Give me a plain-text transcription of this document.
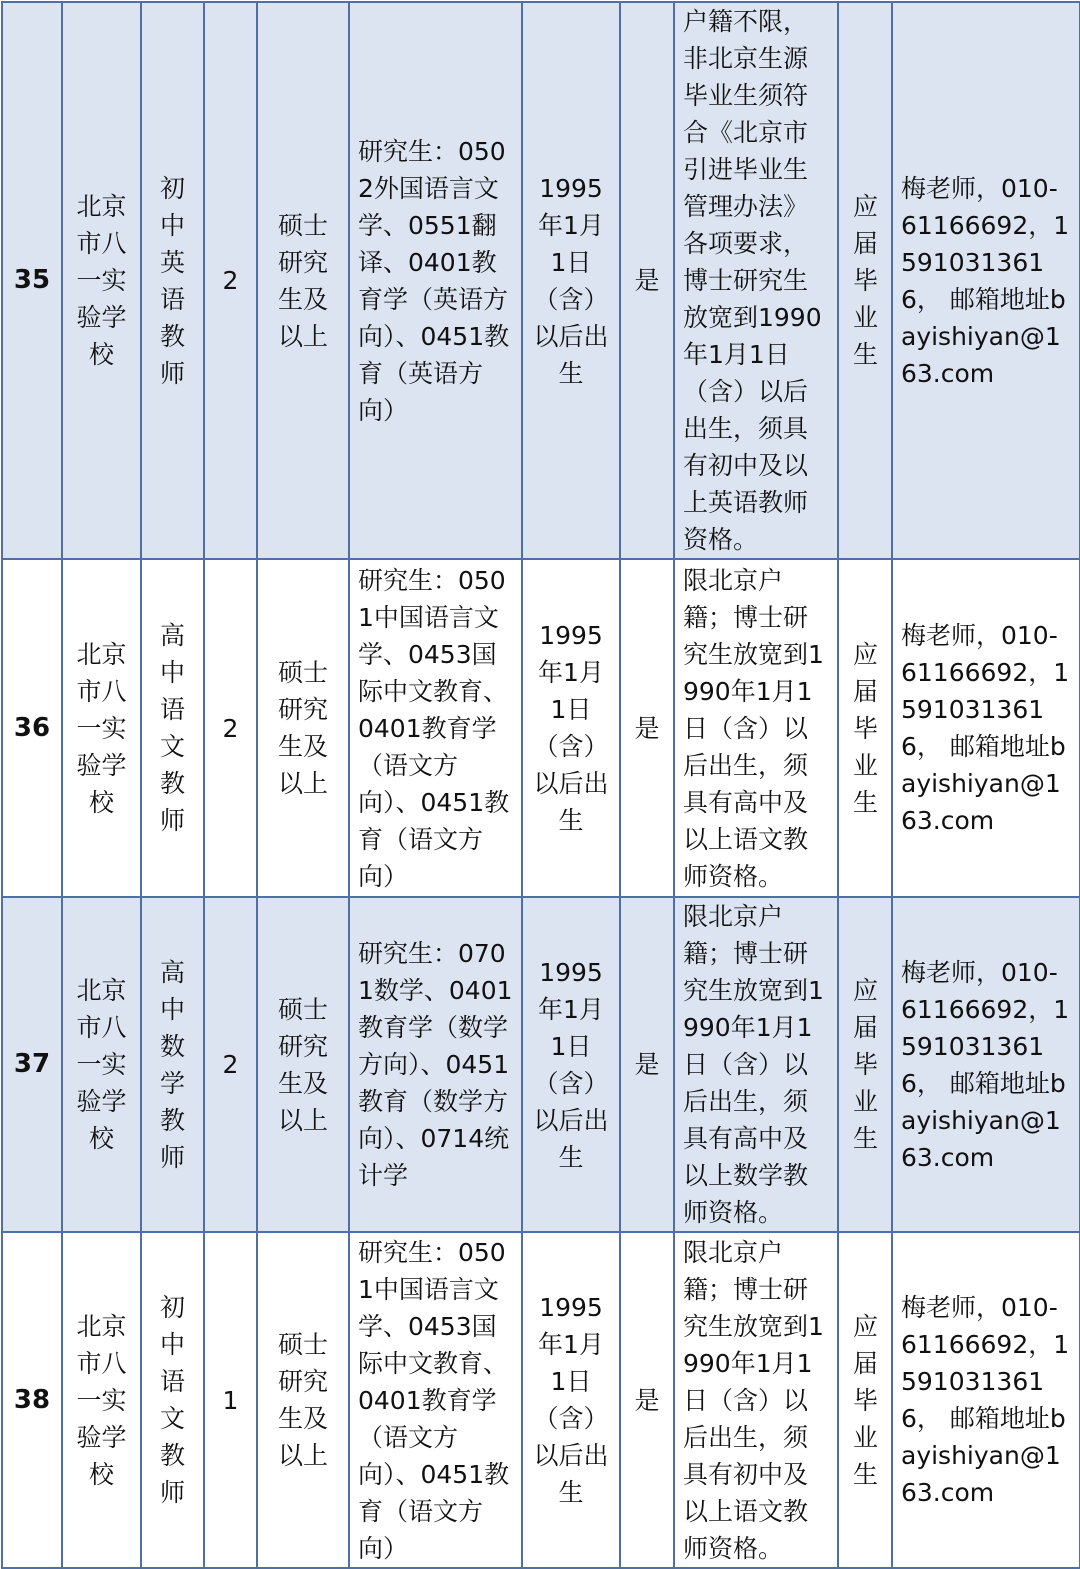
35	北京市八一实验学校	初中英语教师	2	硕士研究生及以上	研究生：0502外国语言文学、0551翻译、0401教育学（英语方向）、0451教育（英语方向）	1995年1月1日（含）以后出生	是	户籍不限，非北京生源毕业生须符合《北京市引进毕业生管理办法》各项要求，博士研究生放宽到1990年1月1日（含）以后出生，须具有初中及以上英语教师资格。	应届毕业生	梅老师，010-61166692，15910313616， 邮箱地址bayishiyan@163.com
36	北京市八一实验学校	高中语文教师	2	硕士研究生及以上	研究生：0501中国语言文学、0453国际中文教育、0401教育学（语文方向）、0451教育（语文方向）	1995年1月1日（含）以后出生	是	限北京户籍；博士研究生放宽到1990年1月1日（含）以后出生，须具有高中及以上语文教师资格。	应届毕业生	梅老师，010-61166692，15910313616， 邮箱地址bayishiyan@163.com
37	北京市八一实验学校	高中数学教师	2	硕士研究生及以上	研究生：0701数学、0401教育学（数学方向）、0451教育（数学方向）、0714统计学	1995年1月1日（含）以后出生	是	限北京户籍；博士研究生放宽到1990年1月1日（含）以后出生，须具有高中及以上数学教师资格。	应届毕业生	梅老师，010-61166692，15910313616， 邮箱地址bayishiyan@163.com
38	北京市八一实验学校	初中语文教师	1	硕士研究生及以上	研究生：0501中国语言文学、0453国际中文教育、0401教育学（语文方向）、0451教育（语文方向）	1995年1月1日（含）以后出生	是	限北京户籍；博士研究生放宽到1990年1月1日（含）以后出生，须具有初中及以上语文教师资格。	应届毕业生	梅老师，010-61166692，15910313616， 邮箱地址bayishiyan@163.com
